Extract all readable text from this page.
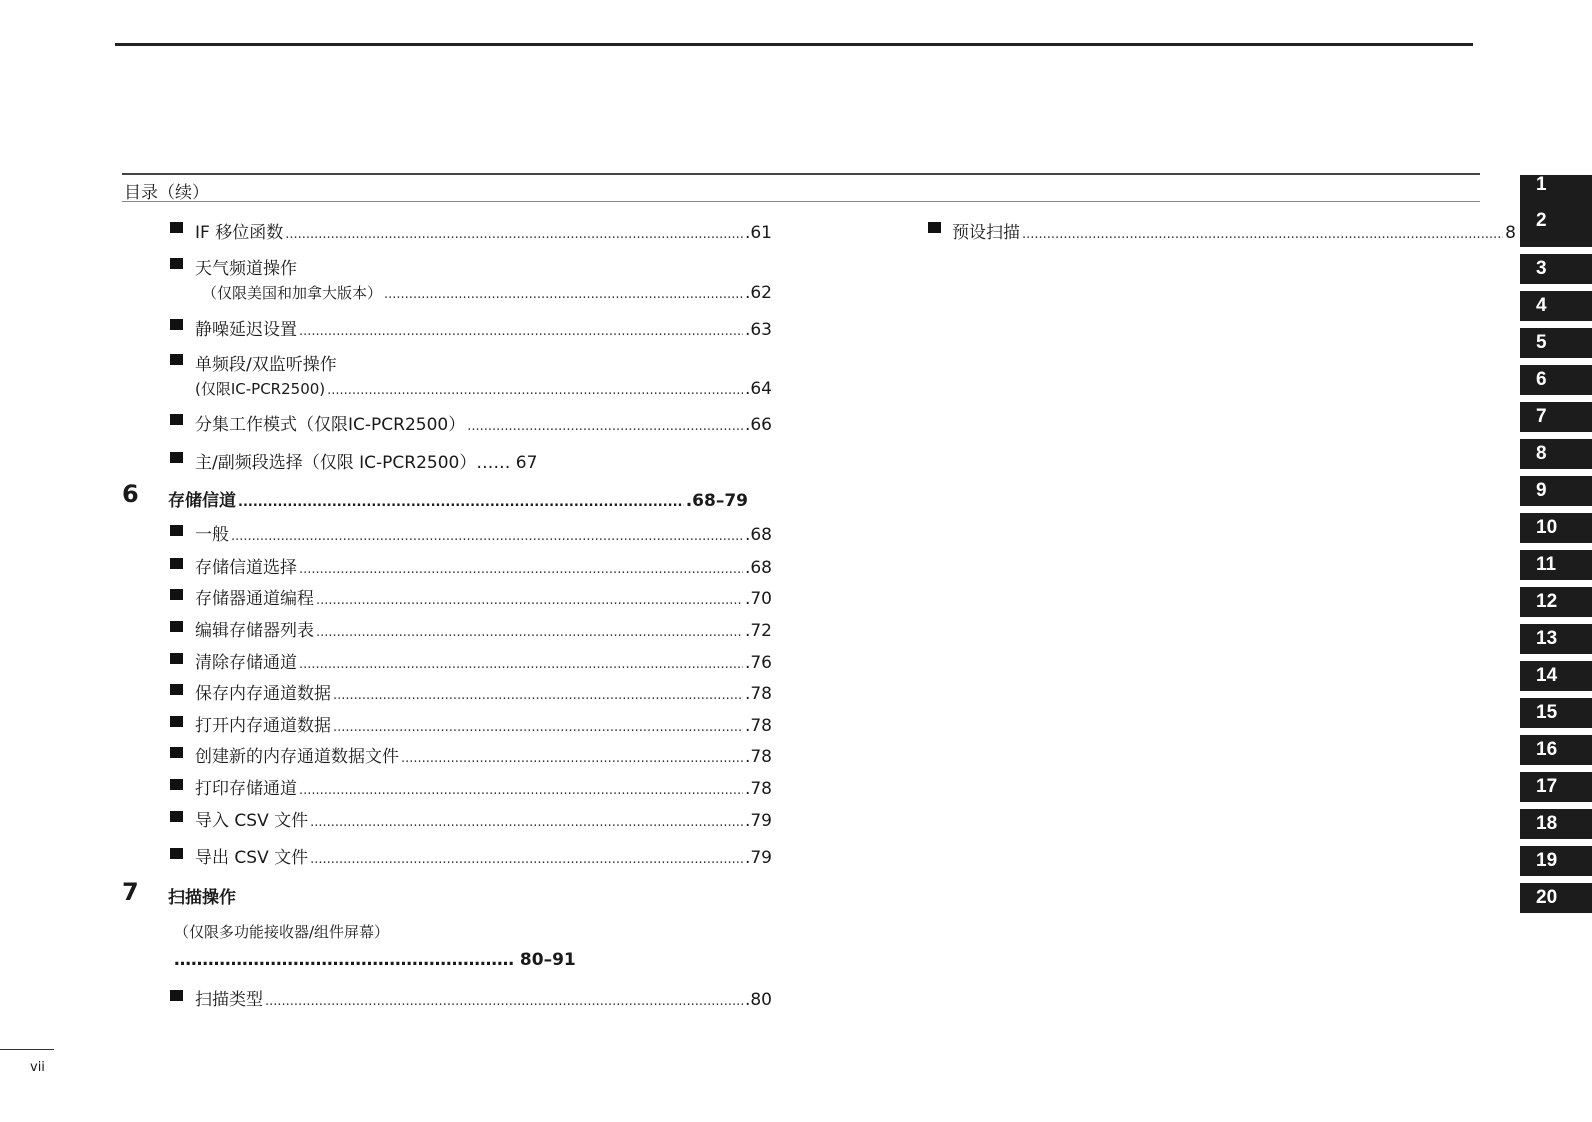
目录（续）
IF 移位函数 .....	.61
天气频道操作
（仅限美国和加拿大版本） .....	.62
静噪延迟设置 .....	.63
单频段/双监听操作
(仅限IC-PCR2500) .....	.64
分集工作模式（仅限IC-PCR2500） .....	.66
主/副频段选择（仅限 IC-PCR2500）…… 67
6 存储信道 .....	.68–79
一般 .....	.68
存储信道选择 .....	.68
存储器通道编程 .....	.70
编辑存储器列表 .....	.72
清除存储通道 .....	.76
保存内存通道数据 .....	.78
打开内存通道数据 .....	.78
创建新的内存通道数据文件 .....	.78
打印存储通道 .....	.78
导入 CSV 文件 .....	.79
导出 CSV 文件 .....	.79
7 扫描操作
（仅限多功能接收器/组件屏幕）
…………………………………………………… 80–91
扫描类型 .....	.80
预设扫描 .....	8
1
2
3
4
5
6
7
8
9
10
11
12
13
14
15
16
17
18
19
20
vii
